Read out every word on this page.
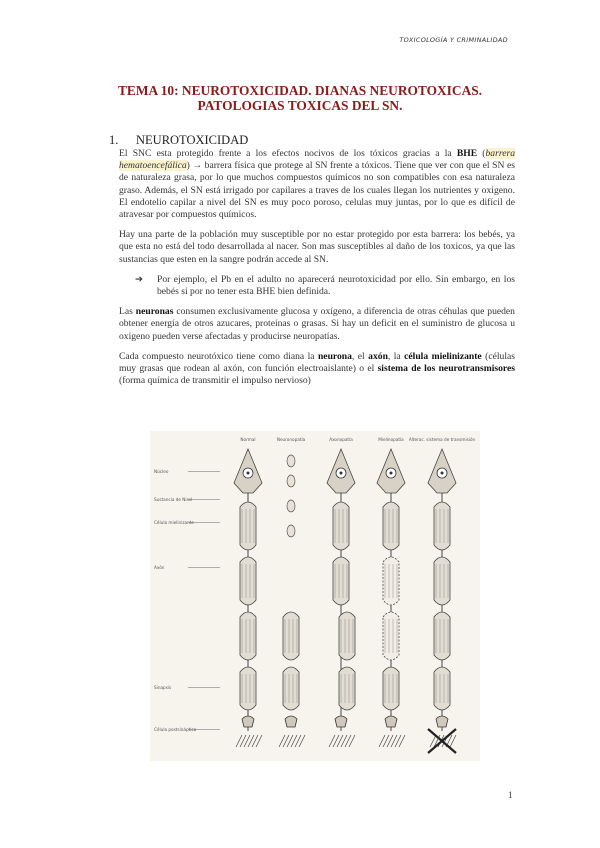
TOXICOLOGÍA Y CRIMINALIDAD
TEMA 10: NEUROTOXICIDAD. DIANAS NEUROTOXICAS.
PATOLOGIAS TOXICAS DEL SN.
1. NEUROTOXICIDAD

El SNC esta protegido frente a los efectos nocivos de los tóxicos gracias a la BHE (barrera hematoencefálica) → barrera física que protege al SN frente a tóxicos. Tiene que ver con que el SN es de naturaleza grasa, por lo que muchos compuestos químicos no son compatibles con esa naturaleza graso. Además, el SN está irrigado por capilares a traves de los cuales llegan los nutrientes y oxigeno. El endotelio capilar a nivel del SN es muy poco poroso, celulas muy juntas, por lo que es difícil de atravesar por compuestos químicos.

Hay una parte de la población muy susceptible por no estar protegido por esta barrera: los bebés, ya que esta no está del todo desarrollada al nacer. Son mas susceptibles al daño de los toxicos, ya que las sustancias que esten en la sangre podrán accede al SN.

➔	Por ejemplo, el Pb en el adulto no aparecerá neurotoxicidad por ello. Sin embargo, en los bebés si por no tener esta BHE bien definida.

Las neuronas consumen exclusivamente glucosa y oxígeno, a diferencia de otras céhulas que pueden obtener energía de otros azucares, proteínas o grasas. Si hay un deficit en el suministro de glucosa u oxigeno pueden verse afectadas y producirse neuropatías.

Cada compuesto neurotóxico tiene como diana la neurona, el axón, la célula mielinizante (células muy grasas que rodean al axón, con función electroaislante) o el sistema de los neurotransmisores (forma química de transmitir el impulso nervioso)

Normal	Neuronopatía	Axonopatía	Mielinopatía Alterac. sistema de transmisión
Núcleo
Sustancia de Nissl
Célula mielinizante
Axón
Sinapsis
Célula postsináptica
1
